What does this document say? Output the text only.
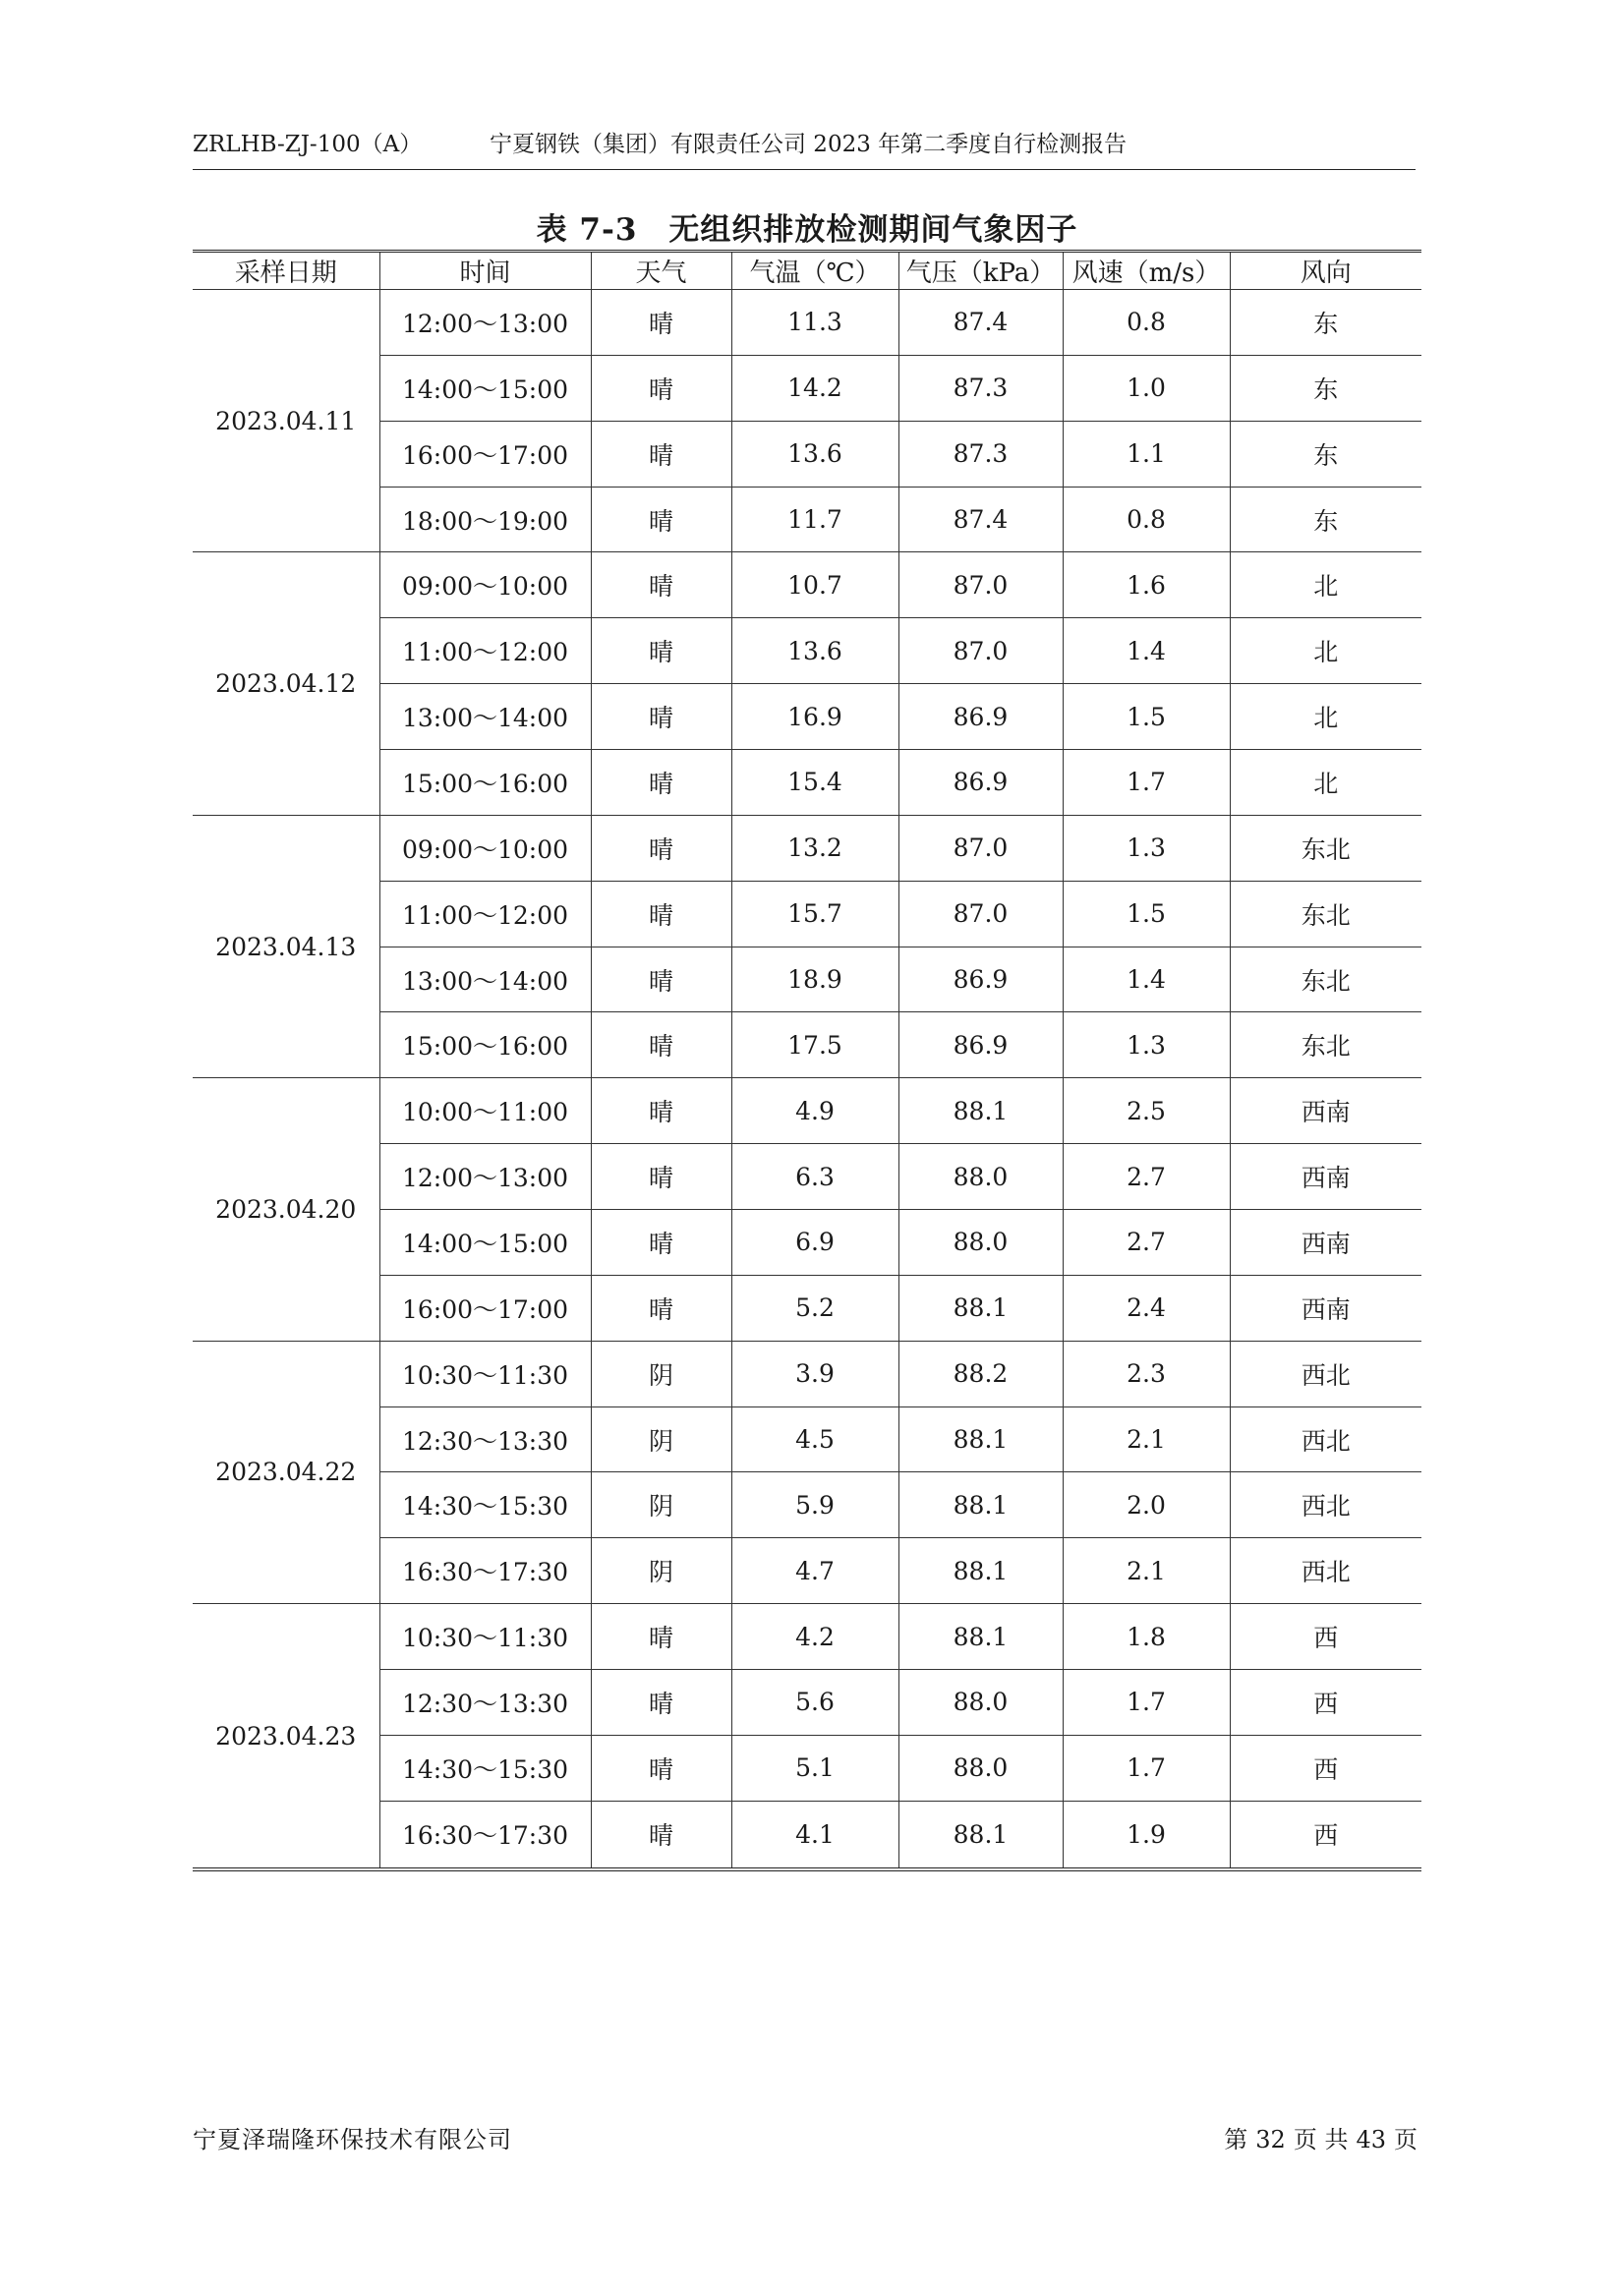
ZRLHB-ZJ-100（A）	宁夏钢铁（集团）有限责任公司 2023 年第二季度自行检测报告
表 7-3　无组织排放检测期间气象因子
采样日期	时间	天气	气温（℃）	气压（kPa）	风速（m/s）	风向
2023.04.11	12:00～13:00	晴	11.3	87.4	0.8	东
	14:00～15:00	晴	14.2	87.3	1.0	东
	16:00～17:00	晴	13.6	87.3	1.1	东
	18:00～19:00	晴	11.7	87.4	0.8	东
2023.04.12	09:00～10:00	晴	10.7	87.0	1.6	北
	11:00～12:00	晴	13.6	87.0	1.4	北
	13:00～14:00	晴	16.9	86.9	1.5	北
	15:00～16:00	晴	15.4	86.9	1.7	北
2023.04.13	09:00～10:00	晴	13.2	87.0	1.3	东北
	11:00～12:00	晴	15.7	87.0	1.5	东北
	13:00～14:00	晴	18.9	86.9	1.4	东北
	15:00～16:00	晴	17.5	86.9	1.3	东北
2023.04.20	10:00～11:00	晴	4.9	88.1	2.5	西南
	12:00～13:00	晴	6.3	88.0	2.7	西南
	14:00～15:00	晴	6.9	88.0	2.7	西南
	16:00～17:00	晴	5.2	88.1	2.4	西南
2023.04.22	10:30～11:30	阴	3.9	88.2	2.3	西北
	12:30～13:30	阴	4.5	88.1	2.1	西北
	14:30～15:30	阴	5.9	88.1	2.0	西北
	16:30～17:30	阴	4.7	88.1	2.1	西北
2023.04.23	10:30～11:30	晴	4.2	88.1	1.8	西
	12:30～13:30	晴	5.6	88.0	1.7	西
	14:30～15:30	晴	5.1	88.0	1.7	西
	16:30～17:30	晴	4.1	88.1	1.9	西
宁夏泽瑞隆环保技术有限公司	第 32 页 共 43 页
